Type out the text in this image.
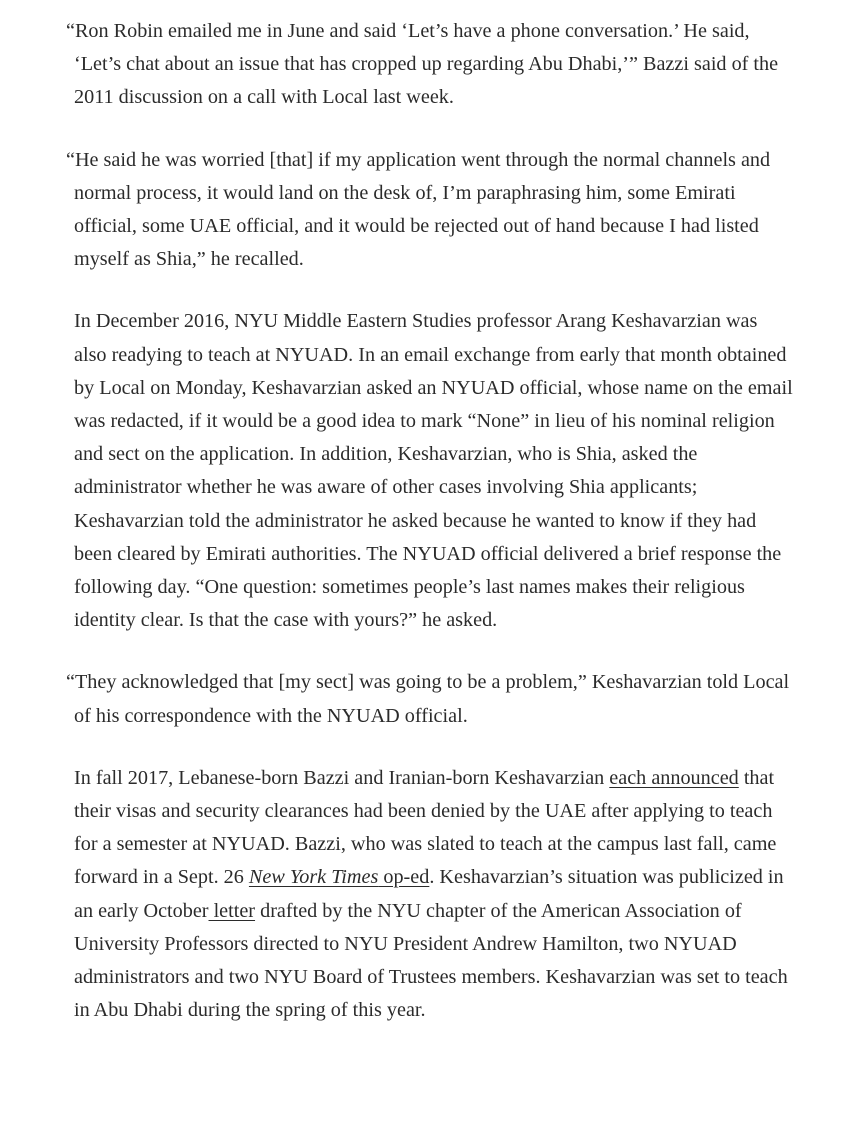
“Ron Robin emailed me in June and said ‘Let’s have a phone conversation.’ He said, ‘Let’s chat about an issue that has cropped up regarding Abu Dhabi,’” Bazzi said of the 2011 discussion on a call with Local last week.

“He said he was worried [that] if my application went through the normal channels and normal process, it would land on the desk of, I’m paraphrasing him, some Emirati official, some UAE official, and it would be rejected out of hand because I had listed myself as Shia,” he recalled.

In December 2016, NYU Middle Eastern Studies professor Arang Keshavarzian was also readying to teach at NYUAD. In an email exchange from early that month obtained by Local on Monday, Keshavarzian asked an NYUAD official, whose name on the email was redacted, if it would be a good idea to mark “None” in lieu of his nominal religion and sect on the application. In addition, Keshavarzian, who is Shia, asked the administrator whether he was aware of other cases involving Shia applicants; Keshavarzian told the administrator he asked because he wanted to know if they had been cleared by Emirati authorities. The NYUAD official delivered a brief response the following day. “One question: sometimes people’s last names makes their religious identity clear. Is that the case with yours?” he asked.

“They acknowledged that [my sect] was going to be a problem,” Keshavarzian told Local of his correspondence with the NYUAD official.

In fall 2017, Lebanese-born Bazzi and Iranian-born Keshavarzian each announced that their visas and security clearances had been denied by the UAE after applying to teach for a semester at NYUAD. Bazzi, who was slated to teach at the campus last fall, came forward in a Sept. 26 New York Times op-ed. Keshavarzian’s situation was publicized in an early October letter drafted by the NYU chapter of the American Association of University Professors directed to NYU President Andrew Hamilton, two NYUAD administrators and two NYU Board of Trustees members. Keshavarzian was set to teach in Abu Dhabi during the spring of this year.
